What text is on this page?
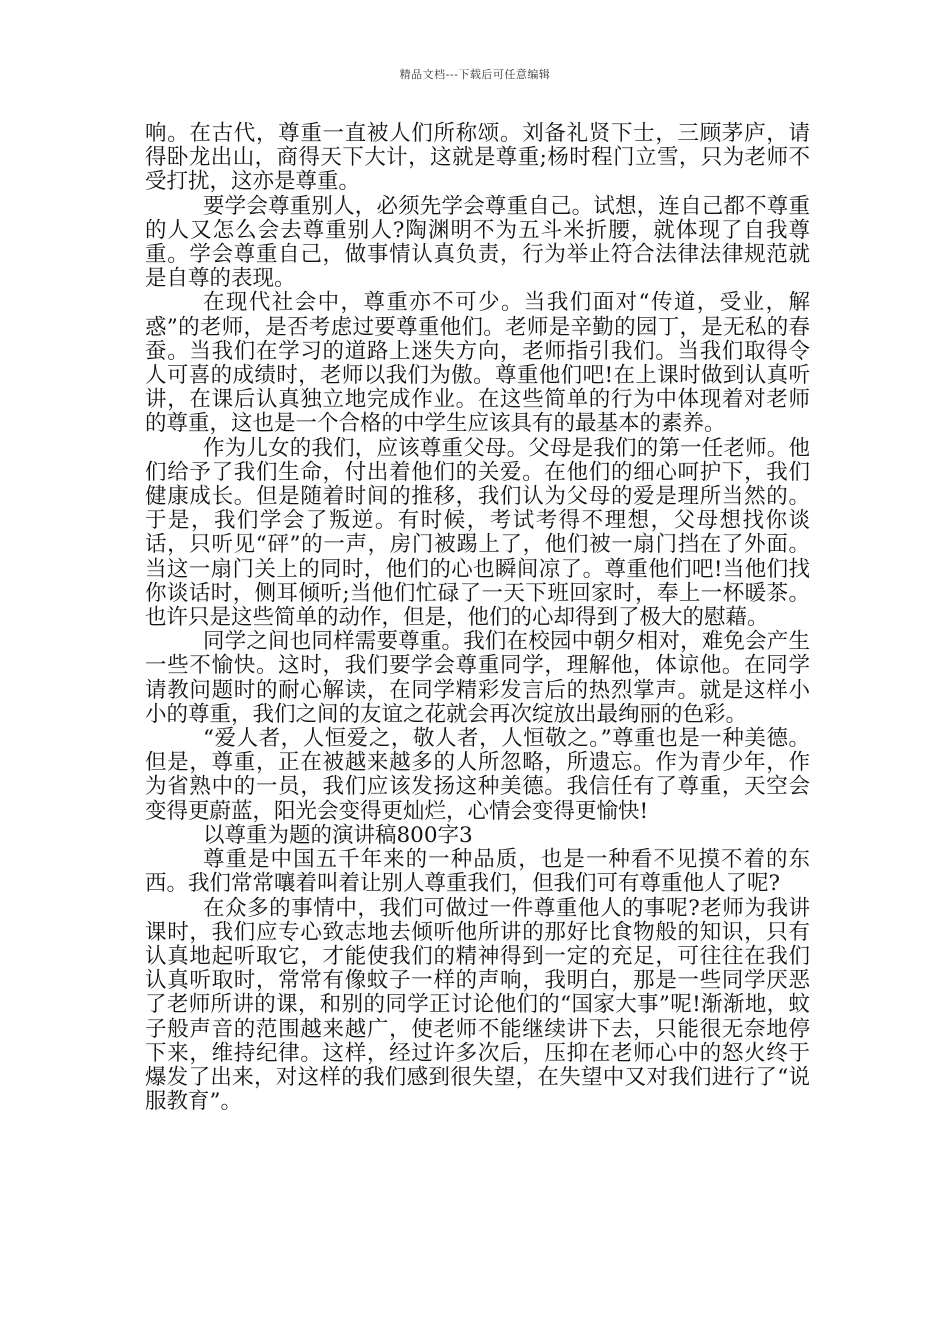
精品文档---下载后可任意编辑

响。在古代，尊重一直被人们所称颂。刘备礼贤下士，三顾茅庐，请得卧龙出山，商得天下大计，这就是尊重;杨时程门立雪，只为老师不受打扰，这亦是尊重。

要学会尊重别人，必须先学会尊重自己。试想，连自己都不尊重的人又怎么会去尊重别人?陶渊明不为五斗米折腰，就体现了自我尊重。学会尊重自己，做事情认真负责，行为举止符合法律法律规范就是自尊的表现。

在现代社会中，尊重亦不可少。当我们面对“传道，受业，解惑”的老师，是否考虑过要尊重他们。老师是辛勤的园丁，是无私的春蚕。当我们在学习的道路上迷失方向，老师指引我们。当我们取得令人可喜的成绩时，老师以我们为傲。尊重他们吧!在上课时做到认真听讲，在课后认真独立地完成作业。在这些简单的行为中体现着对老师的尊重，这也是一个合格的中学生应该具有的最基本的素养。

作为儿女的我们，应该尊重父母。父母是我们的第一任老师。他们给予了我们生命，付出着他们的关爱。在他们的细心呵护下，我们健康成长。但是随着时间的推移，我们认为父母的爱是理所当然的。于是，我们学会了叛逆。有时候，考试考得不理想，父母想找你谈话，只听见“砰”的一声，房门被踢上了，他们被一扇门挡在了外面。当这一扇门关上的同时，他们的心也瞬间凉了。尊重他们吧!当他们找你谈话时，侧耳倾听;当他们忙碌了一天下班回家时，奉上一杯暖茶。也许只是这些简单的动作，但是，他们的心却得到了极大的慰藉。

同学之间也同样需要尊重。我们在校园中朝夕相对，难免会产生一些不愉快。这时，我们要学会尊重同学，理解他，体谅他。在同学请教问题时的耐心解读，在同学精彩发言后的热烈掌声。就是这样小小的尊重，我们之间的友谊之花就会再次绽放出最绚丽的色彩。

“爱人者，人恒爱之，敬人者，人恒敬之。”尊重也是一种美德。但是，尊重，正在被越来越多的人所忽略，所遗忘。作为青少年，作为省熟中的一员，我们应该发扬这种美德。我信任有了尊重，天空会变得更蔚蓝，阳光会变得更灿烂，心情会变得更愉快!

以尊重为题的演讲稿800字3

尊重是中国五千年来的一种品质，也是一种看不见摸不着的东西。我们常常嚷着叫着让别人尊重我们，但我们可有尊重他人了呢?

在众多的事情中，我们可做过一件尊重他人的事呢?老师为我讲课时，我们应专心致志地去倾听他所讲的那好比食物般的知识，只有认真地起听取它，才能使我们的精神得到一定的充足，可往往在我们认真听取时，常常有像蚊子一样的声响，我明白，那是一些同学厌恶了老师所讲的课，和别的同学正讨论他们的“国家大事”呢!渐渐地，蚊子般声音的范围越来越广，使老师不能继续讲下去，只能很无奈地停下来，维持纪律。这样，经过许多次后，压抑在老师心中的怒火终于爆发了出来，对这样的我们感到很失望，在失望中又对我们进行了“说服教育”。
